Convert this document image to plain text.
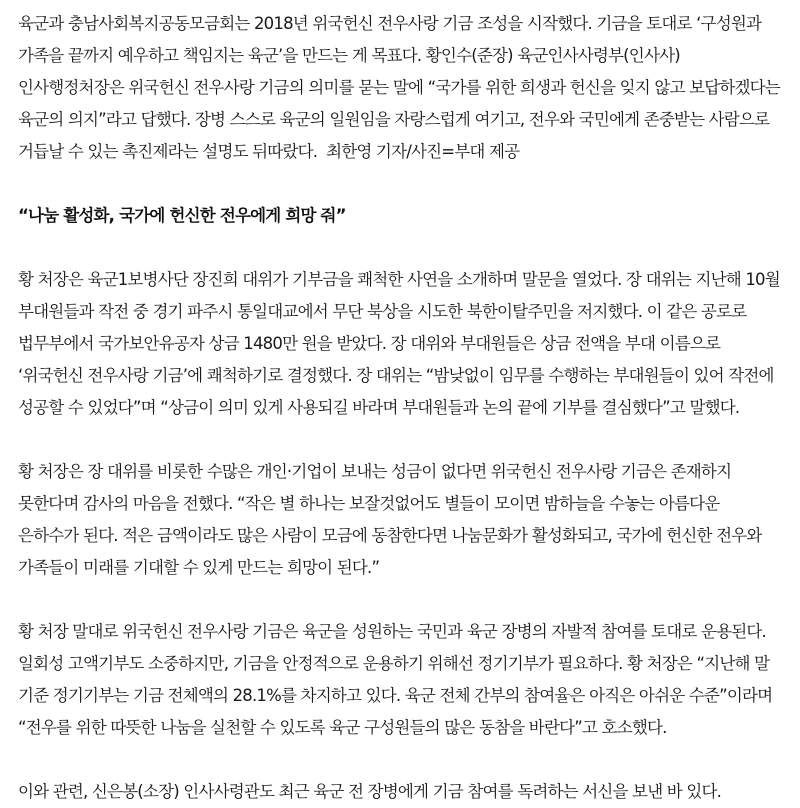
육군과 충남사회복지공동모금회는 2018년 위국헌신 전우사랑 기금 조성을 시작했다. 기금을 토대로 ‘구성원과 가족을 끝까지 예우하고 책임지는 육군’을 만드는 게 목표다. 황인수(준장) 육군인사사령부(인사사) 인사행정처장은 위국헌신 전우사랑 기금의 의미를 묻는 말에 “국가를 위한 희생과 헌신을 잊지 않고 보답하겠다는 육군의 의지”라고 답했다. 장병 스스로 육군의 일원임을 자랑스럽게 여기고, 전우와 국민에게 존중받는 사람으로 거듭날 수 있는 촉진제라는 설명도 뒤따랐다. 최한영 기자/사진=부대 제공

“나눔 활성화, 국가에 헌신한 전우에게 희망 줘”

황 처장은 육군1보병사단 장진희 대위가 기부금을 쾌척한 사연을 소개하며 말문을 열었다. 장 대위는 지난해 10월 부대원들과 작전 중 경기 파주시 통일대교에서 무단 북상을 시도한 북한이탈주민을 저지했다. 이 같은 공로로 법무부에서 국가보안유공자 상금 1480만 원을 받았다. 장 대위와 부대원들은 상금 전액을 부대 이름으로 ‘위국헌신 전우사랑 기금’에 쾌척하기로 결정했다. 장 대위는 “밤낮없이 임무를 수행하는 부대원들이 있어 작전에 성공할 수 있었다”며 “상금이 의미 있게 사용되길 바라며 부대원들과 논의 끝에 기부를 결심했다”고 말했다.

황 처장은 장 대위를 비롯한 수많은 개인·기업이 보내는 성금이 없다면 위국헌신 전우사랑 기금은 존재하지 못한다며 감사의 마음을 전했다. “작은 별 하나는 보잘것없어도 별들이 모이면 밤하늘을 수놓는 아름다운 은하수가 된다. 적은 금액이라도 많은 사람이 모금에 동참한다면 나눔문화가 활성화되고, 국가에 헌신한 전우와 가족들이 미래를 기대할 수 있게 만드는 희망이 된다.”

황 처장 말대로 위국헌신 전우사랑 기금은 육군을 성원하는 국민과 육군 장병의 자발적 참여를 토대로 운용된다. 일회성 고액기부도 소중하지만, 기금을 안정적으로 운용하기 위해선 정기기부가 필요하다. 황 처장은 “지난해 말 기준 정기기부는 기금 전체액의 28.1%를 차지하고 있다. 육군 전체 간부의 참여율은 아직은 아쉬운 수준”이라며 “전우를 위한 따뜻한 나눔을 실천할 수 있도록 육군 구성원들의 많은 동참을 바란다”고 호소했다.

이와 관련, 신은봉(소장) 인사사령관도 최근 육군 전 장병에게 기금 참여를 독려하는 서신을 보낸 바 있다.
